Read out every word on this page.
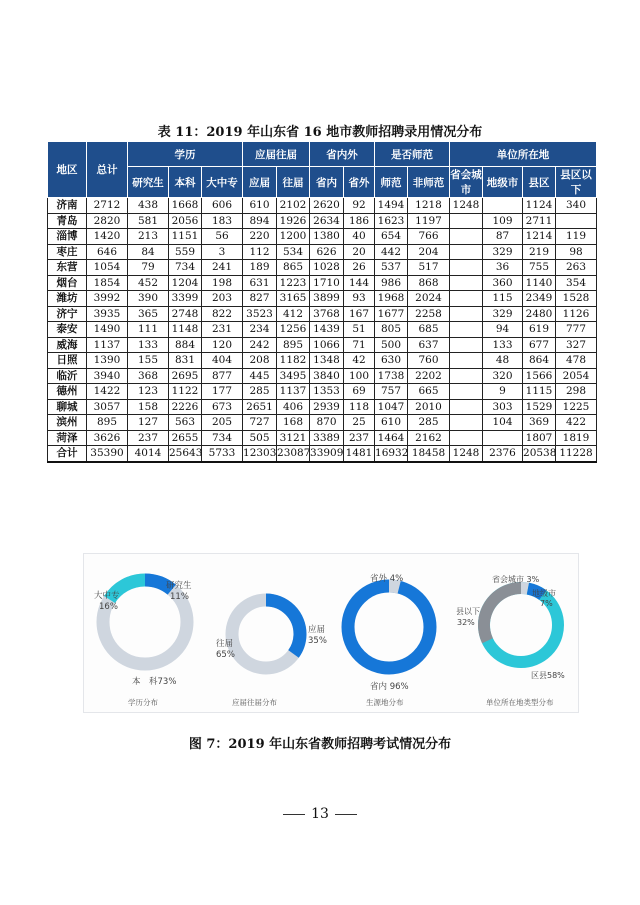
表 11：2019 年山东省 16 地市教师招聘录用情况分布
地区	总计	学历			应届往届		省内外		是否师范		单位所在地			
		研究生	本科	大中专	应届	往届	省内	省外	师范	非师范	省会城市	地级市	县区	县区以下
济南	2712	438	1668	606	610	2102	2620	92	1494	1218	1248		1124	340
青岛	2820	581	2056	183	894	1926	2634	186	1623	1197		109	2711	
淄博	1420	213	1151	56	220	1200	1380	40	654	766		87	1214	119
枣庄	646	84	559	3	112	534	626	20	442	204		329	219	98
东营	1054	79	734	241	189	865	1028	26	537	517		36	755	263
烟台	1854	452	1204	198	631	1223	1710	144	986	868		360	1140	354
潍坊	3992	390	3399	203	827	3165	3899	93	1968	2024		115	2349	1528
济宁	3935	365	2748	822	3523	412	3768	167	1677	2258		329	2480	1126
泰安	1490	111	1148	231	234	1256	1439	51	805	685		94	619	777
威海	1137	133	884	120	242	895	1066	71	500	637		133	677	327
日照	1390	155	831	404	208	1182	1348	42	630	760		48	864	478
临沂	3940	368	2695	877	445	3495	3840	100	1738	2202		320	1566	2054
德州	1422	123	1122	177	285	1137	1353	69	757	665		9	1115	298
聊城	3057	158	2226	673	2651	406	2939	118	1047	2010		303	1529	1225
滨州	895	127	563	205	727	168	870	25	610	285		104	369	422
菏泽	3626	237	2655	734	505	3121	3389	237	1464	2162			1807	1819
合计	35390	4014	25643	5733	12303	23087	33909	1481	16932	18458	1248	2376	20538	11228
大中专
16%
研究生
11%
本　科73%
学历分布
应届
35%
往届
65%
应届往届分布
省外 4%
省内 96%
生源地分布
省会城市 3%
地级市
7%
县以下
32%
区县58%
单位所在地类型分布
图 7：2019 年山东省教师招聘考试情况分布
13
